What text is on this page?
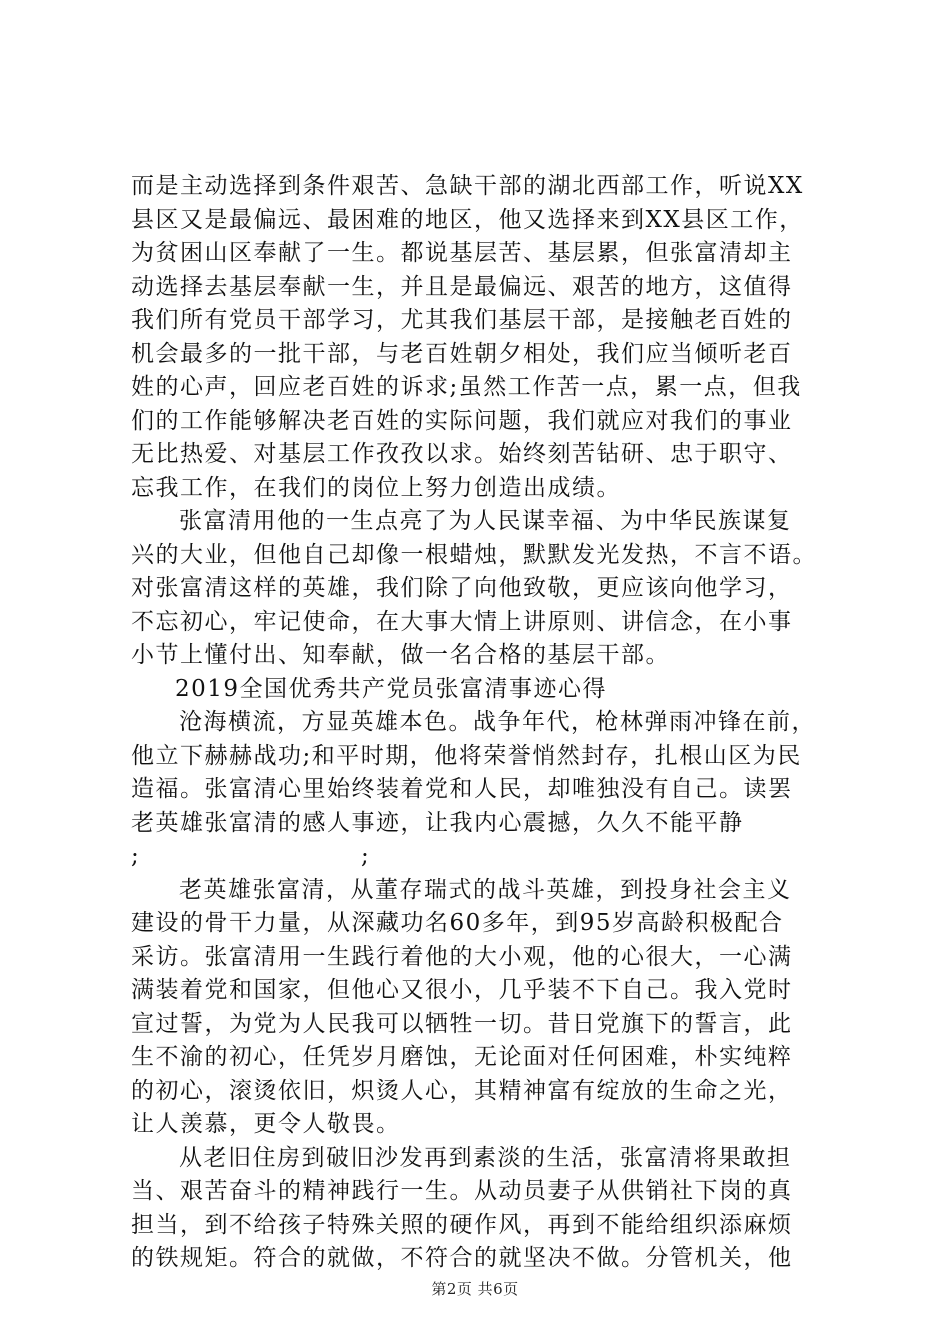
而是主动选择到条件艰苦、急缺干部的湖北西部工作，听说XX
县区又是最偏远、最困难的地区，他又选择来到XX县区工作，
为贫困山区奉献了一生。都说基层苦、基层累，但张富清却主
动选择去基层奉献一生，并且是最偏远、艰苦的地方，这值得
我们所有党员干部学习，尤其我们基层干部，是接触老百姓的
机会最多的一批干部，与老百姓朝夕相处，我们应当倾听老百
姓的心声，回应老百姓的诉求;虽然工作苦一点，累一点，但我
们的工作能够解决老百姓的实际问题，我们就应对我们的事业
无比热爱、对基层工作孜孜以求。始终刻苦钻研、忠于职守、
忘我工作，在我们的岗位上努力创造出成绩。
张富清用他的一生点亮了为人民谋幸福、为中华民族谋复
兴的大业，但他自己却像一根蜡烛，默默发光发热，不言不语。
对张富清这样的英雄，我们除了向他致敬，更应该向他学习，
不忘初心，牢记使命，在大事大情上讲原则、讲信念，在小事
小节上懂付出、知奉献，做一名合格的基层干部。
2019全国优秀共产党员张富清事迹心得
沧海横流，方显英雄本色。战争年代，枪林弹雨冲锋在前，
他立下赫赫战功;和平时期，他将荣誉悄然封存，扎根山区为民
造福。张富清心里始终装着党和人民，却唯独没有自己。读罢
老英雄张富清的感人事迹，让我内心震撼，久久不能平静
;	;
老英雄张富清，从董存瑞式的战斗英雄，到投身社会主义
建设的骨干力量，从深藏功名60多年，到95岁高龄积极配合
采访。张富清用一生践行着他的大小观，他的心很大，一心满
满装着党和国家，但他心又很小，几乎装不下自己。我入党时
宣过誓，为党为人民我可以牺牲一切。昔日党旗下的誓言，此
生不渝的初心，任凭岁月磨蚀，无论面对任何困难，朴实纯粹
的初心，滚烫依旧，炽烫人心，其精神富有绽放的生命之光，
让人羡慕，更令人敬畏。
从老旧住房到破旧沙发再到素淡的生活，张富清将果敢担
当、艰苦奋斗的精神践行一生。从动员妻子从供销社下岗的真
担当，到不给孩子特殊关照的硬作风，再到不能给组织添麻烦
的铁规矩。符合的就做，不符合的就坚决不做。分管机关，他
第2页 共6页
